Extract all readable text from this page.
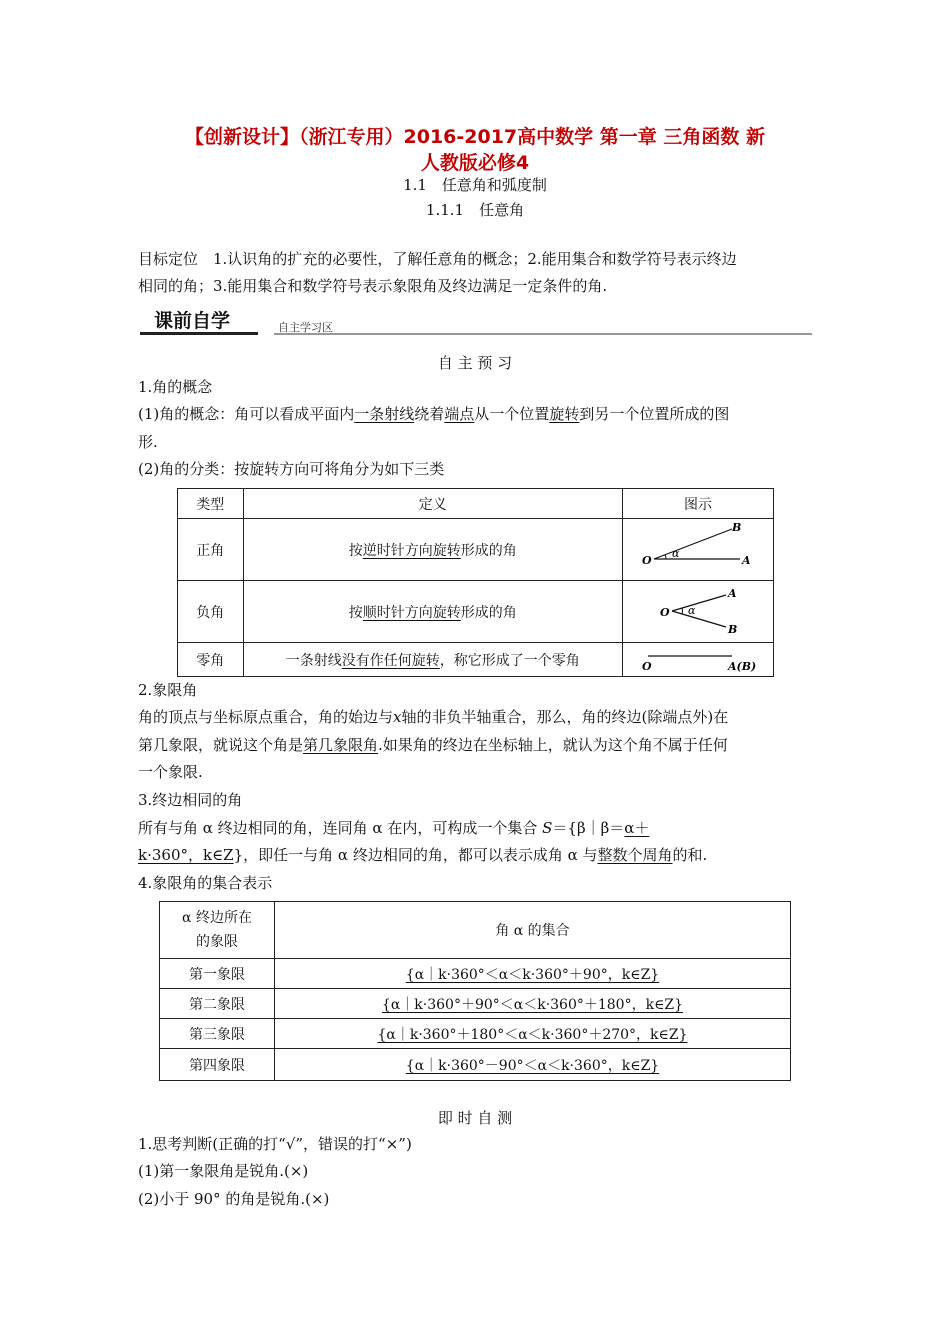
【创新设计】（浙江专用）2016-2017高中数学 第一章 三角函数 新
人教版必修4
1.1　任意角和弧度制
1.1.1　任意角
目标定位　1.认识角的扩充的必要性，了解任意角的概念；2.能用集合和数学符号表示终边
相同的角；3.能用集合和数学符号表示象限角及终边满足一定条件的角.
课前自学	自主学习区
自 主 预 习
1.角的概念
(1)角的概念：角可以看成平面内一条射线绕着端点从一个位置旋转到另一个位置所成的图
形.
(2)角的分类：按旋转方向可将角分为如下三类
类型	定义	图示
正角	按逆时针方向旋转形成的角	O A
B
α

负角	按顺时针方向旋转形成的角	O
A
B
α

零角	一条射线没有作任何旋转，称它形成了一个零角	O A(B)
2.象限角
角的顶点与坐标原点重合，角的始边与x轴的非负半轴重合，那么，角的终边(除端点外)在
第几象限，就说这个角是第几象限角.如果角的终边在坐标轴上，就认为这个角不属于任何
一个象限.
3.终边相同的角
所有与角 α 终边相同的角，连同角 α 在内，可构成一个集合 S＝{β｜β＝α＋
k·360°，k∈Z}，即任一与角 α 终边相同的角，都可以表示成角 α 与整数个周角的和.
4.象限角的集合表示
α 终边所在
的象限	角 α 的集合
第一象限	{α｜k·360°＜α＜k·360°＋90°，k∈Z}
第二象限	{α｜k·360°＋90°＜α＜k·360°＋180°，k∈Z}
第三象限	{α｜k·360°＋180°＜α＜k·360°＋270°，k∈Z}
第四象限	{α｜k·360°－90°＜α＜k·360°，k∈Z}
即 时 自 测
1.思考判断(正确的打“√”，错误的打“×”)
(1)第一象限角是锐角.(×)
(2)小于 90° 的角是锐角.(×)
